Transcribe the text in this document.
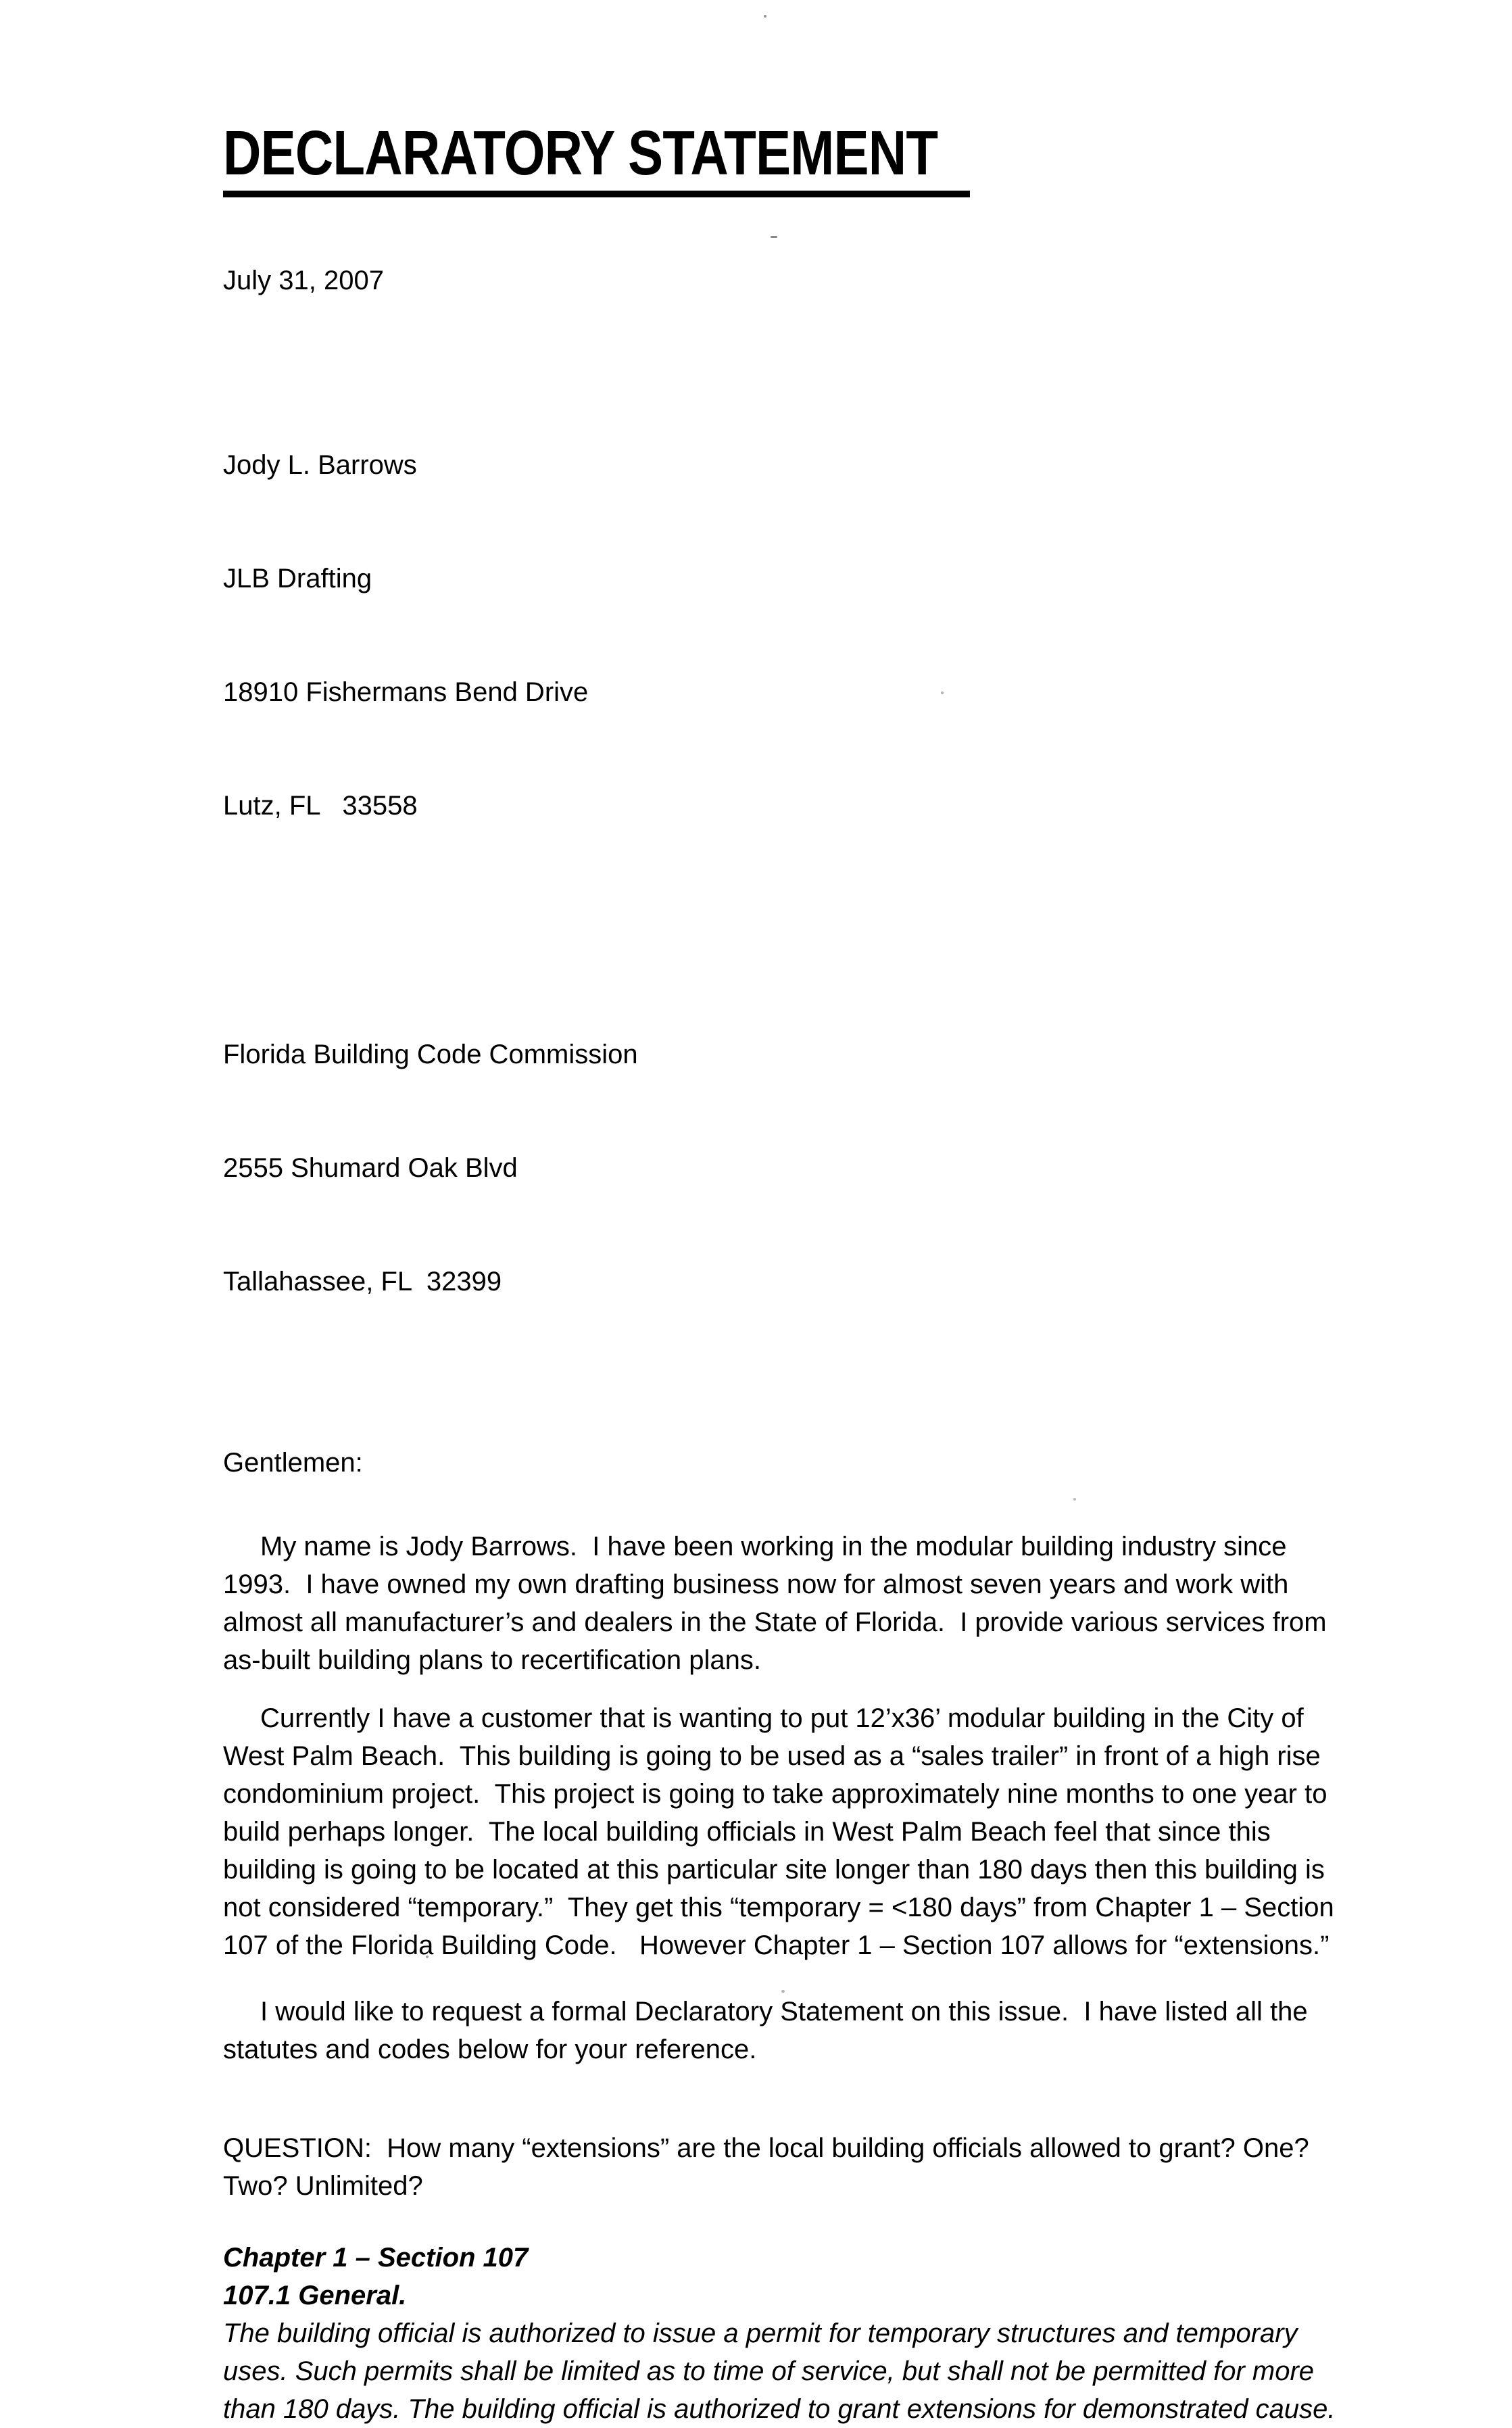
DECLARATORY STATEMENT
July 31, 2007

Jody L. Barrows

JLB Drafting

18910 Fishermans Bend Drive

Lutz, FL   33558

Florida Building Code Commission

2555 Shumard Oak Blvd

Tallahassee, FL  32399

Gentlemen:
My name is Jody Barrows.  I have been working in the modular building industry since 1993.  I have owned my own drafting business now for almost seven years and work with almost all manufacturer’s and dealers in the State of Florida.  I provide various services from as-built building plans to recertification plans.
Currently I have a customer that is wanting to put 12’x36’ modular building in the City of West Palm Beach.  This building is going to be used as a “sales trailer” in front of a high rise condominium project.  This project is going to take approximately nine months to one year to build perhaps longer.  The local building officials in West Palm Beach feel that since this building is going to be located at this particular site longer than 180 days then this building is not considered “temporary.”  They get this “temporary = <180 days” from Chapter 1 – Section 107 of the Florida Building Code.   However Chapter 1 – Section 107 allows for “extensions.”
I would like to request a formal Declaratory Statement on this issue.  I have listed all the statutes and codes below for your reference.
QUESTION:  How many “extensions” are the local building officials allowed to grant? One? Two? Unlimited?
Chapter 1 – Section 107
107.1 General.
The building official is authorized to issue a permit for temporary structures and temporary uses. Such permits shall be limited as to time of service, but shall not be permitted for more than 180 days. The building official is authorized to grant extensions for demonstrated cause.
